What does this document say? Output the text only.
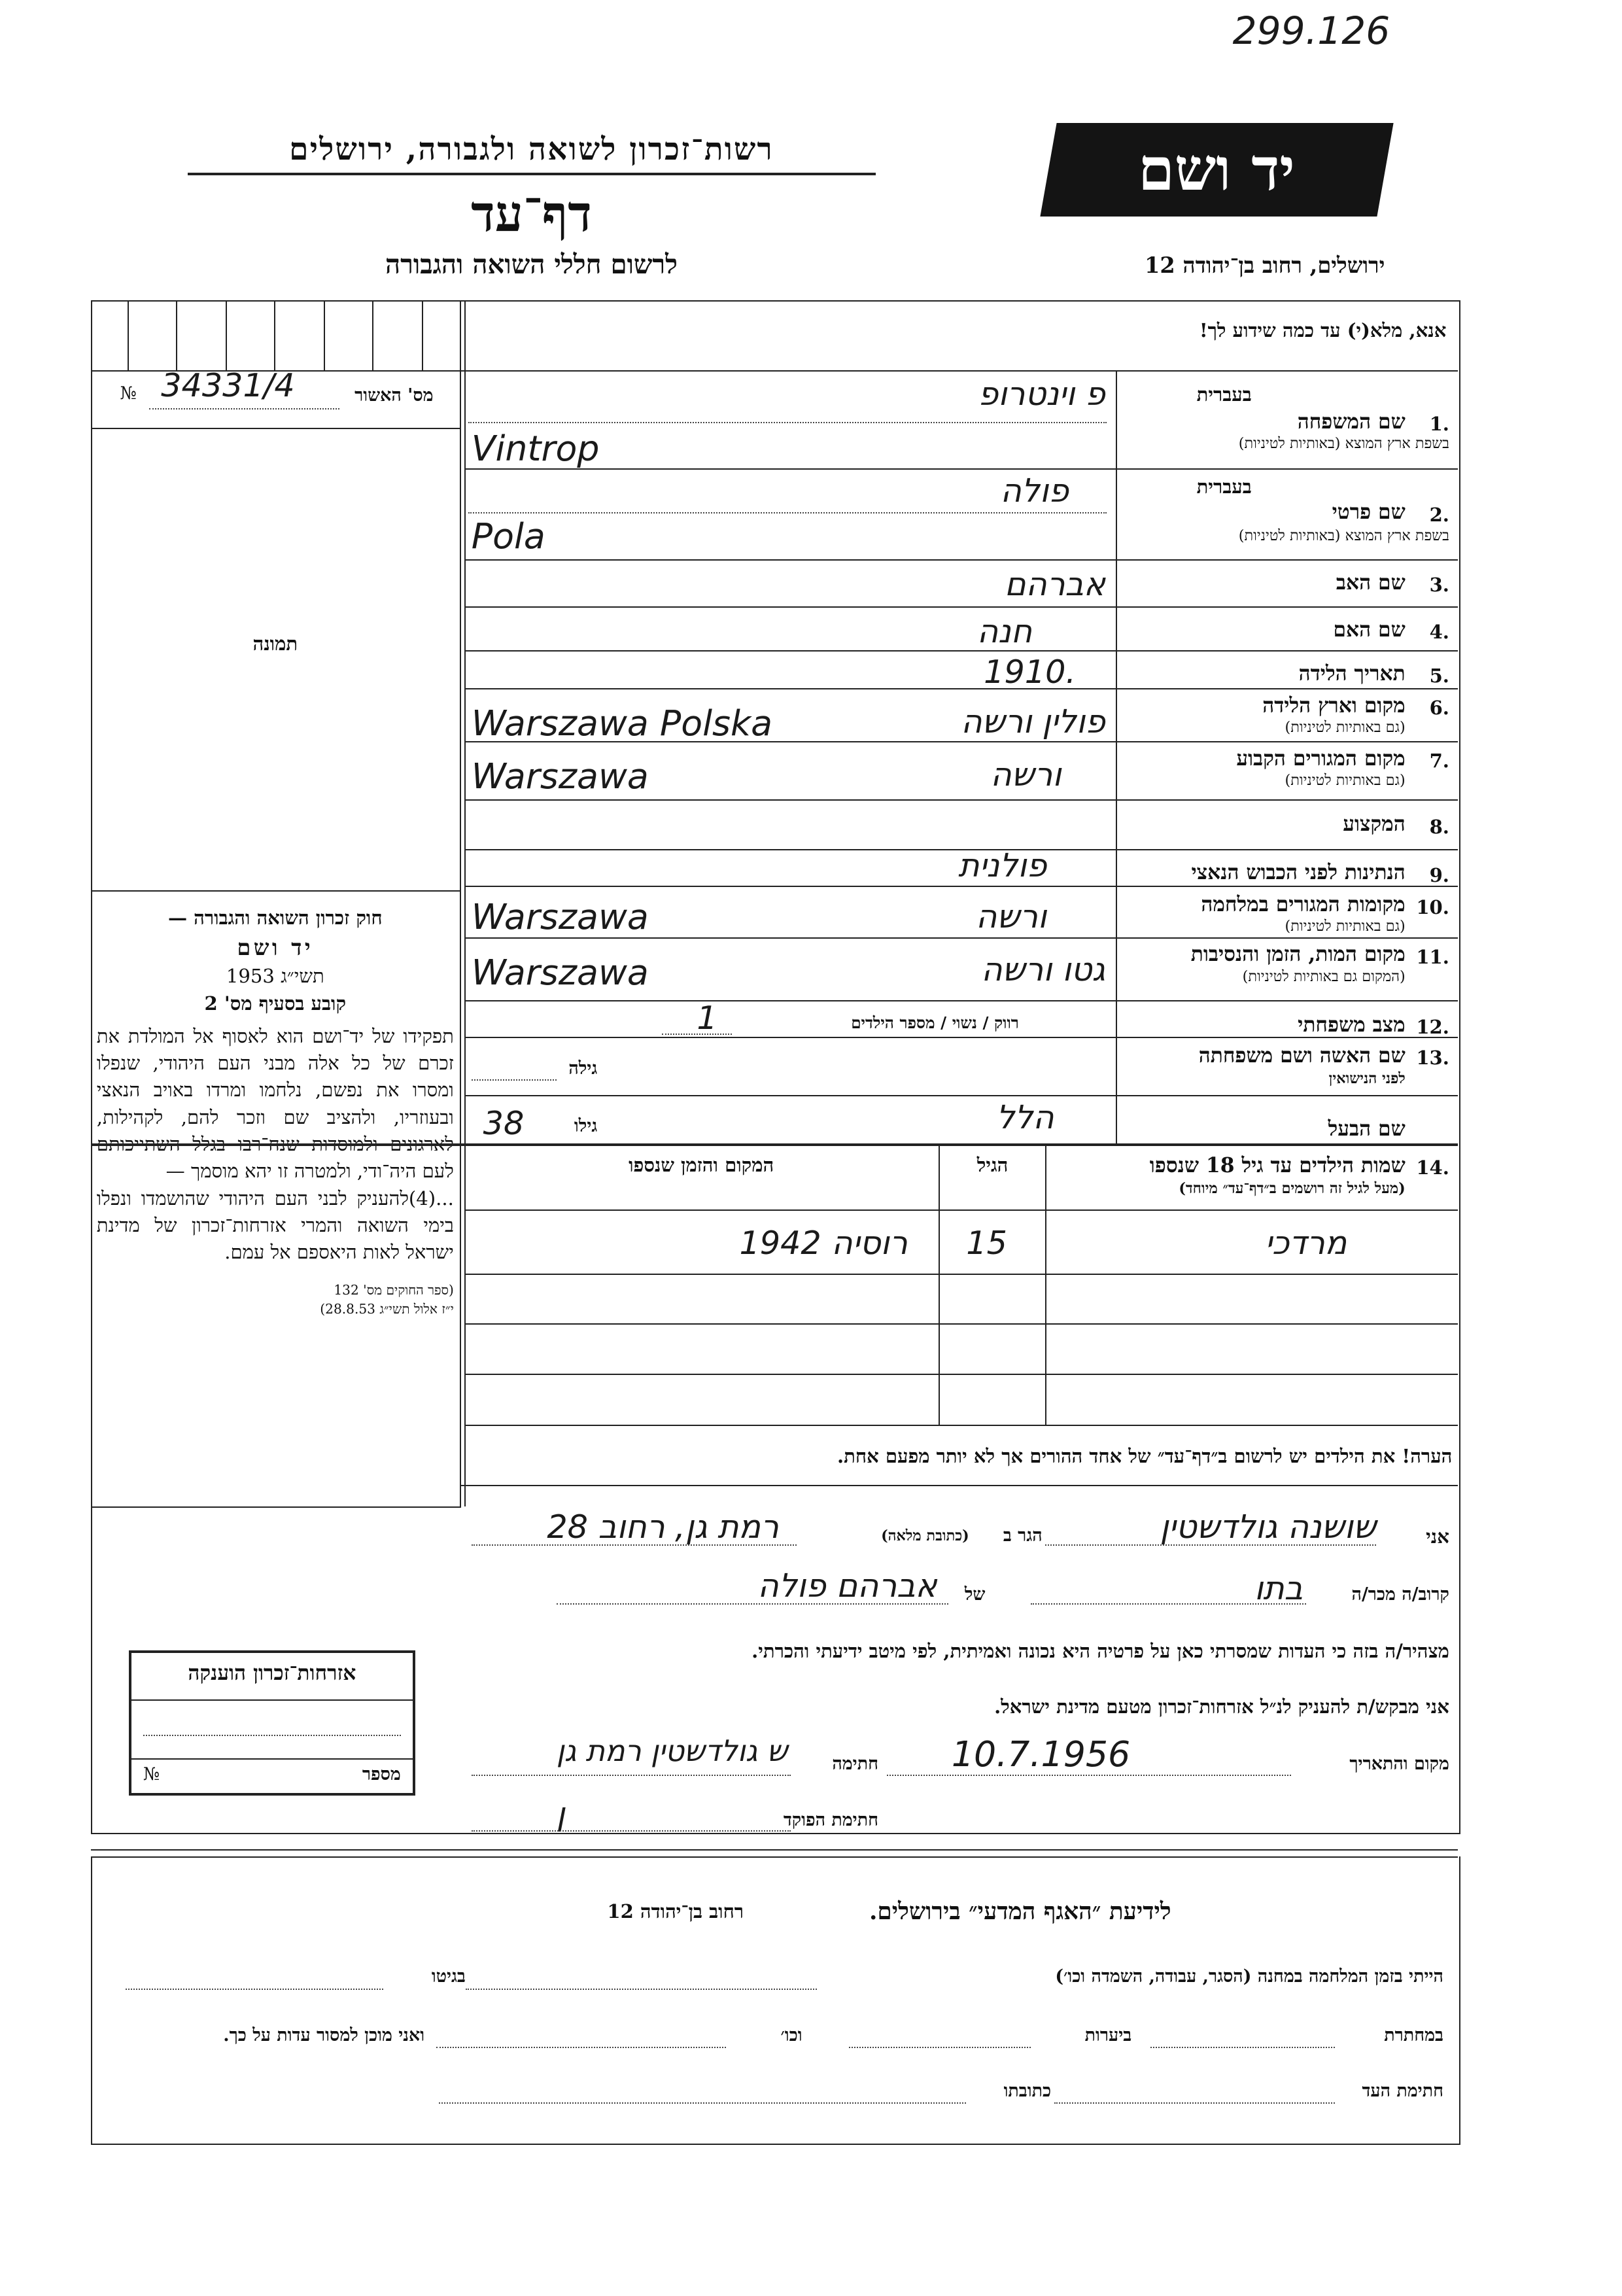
299.126
רשות־זכרון לשואה ולגבורה, ירושלים
דף־עד
לרשום חללי השואה והגבורה
יד ושם
ירושלים, רחוב בן־יהודה 12
מס' האשור
№ 34331/4
תמונה
חוק זכרון השואה והגבורה —
יד ושם
תשי״ג 1953
קובע בסעיף מס' 2
תפקידו של יד־ושם הוא לאסוף אל המולדת את זכרם של כל אלה מבני העם היהודי, שנפלו ומסרו את נפשם, נלחמו ומרדו באויב הנאצי ובעוזריו, ולהציב שם וזכר להם, לקהילות, לארגונים ולמוסדות שנח־רבו בגלל השתייכותם לעם היה־ודי, ולמטרה זו יהא מוסמך —
...(4)להעניק לבני העם היהודי שהושמדו ונפלו בימי השואה והמרי אזרחות־זכרון של מדינת ישראל לאות היאספם אל עמם.
(ספר החוקים מס' 132
י״ז אלול תשי״ג 28.8.53)
אנא, מלא(י) עד כמה שידוע לך!
בעברית
1.
שם המשפחה
בשפת ארץ המוצא (באותיות לטיניות)
בעברית
2.
שם פרטי
בשפת ארץ המוצא (באותיות לטיניות)
3.
שם האב
4.
שם האם
5.
תאריך הלידה
6.
מקום וארץ הלידה
(גם באותיות לטיניות)
7.
מקום המגורים הקבוע
(גם באותיות לטיניות)
8.
המקצוע
9.
הנתינות לפני הכבוש הנאצי
10.
מקומות המגורים במלחמה
(גם באותיות לטיניות)
11.
מקום המות, הזמן והנסיבות
(המקום גם באותיות לטיניות)
12.
מצב משפחתי
13.
שם האשה ושם משפחתה
לפני הנישואין
שם הבעל
פ וינטרופ
Vintrop
פולה
Pola
אברהם
חנה
1910.
פולין ורשה
Warszawa Polska
ורשה
Warszawa
פולנית
ורשה
Warszawa
גטו ורשה
Warszawa
רווק / נשוי / מספר הילדים
1
גילה
הלל
גילו
38
14.
שמות הילדים עד גיל 18 שנספו
(מעל לגיל זה רושמים ב״דף־עד״ מיוחד)
הגיל
המקום והזמן שנספו
מרדכי
15
רוסיה 1942
הערה! את הילדים יש לרשום ב״דף־עד״ של אחד ההורים אך לא יותר מפעם אחת.
אני
שושנה גולדשטין
הגר ב
(כתובת מלאה)
רמת גן, רחוב 28
קרוב/ה מכר/ה
בתו
של
אברהם פולה
מצהיר/ה בזה כי העדות שמסרתי כאן על פרטיה היא נכונה ואמיתית, לפי מיטב ידיעתי והכרתי.
אני מבקש/ת להעניק לנ״ל אזרחות־זכרון מטעם מדינת ישראל.
מקום והתאריך
10.7.1956
חתימה
ש גולדשטין רמת גן
חתימת הפוקד
ן
אזרחות־זכרון הוענקה
מספר
№
לידיעת ״האגף המדעי״ בירושלים.
רחוב בן־יהודה 12
הייתי בזמן המלחמה במחנה (הסגר, עבודה, השמדה וכו׳)
בגיטו
במחתרת
ביערות
וכו׳
ואני מוכן למסור עדות על כך.
חתימת העד
כתובתו
